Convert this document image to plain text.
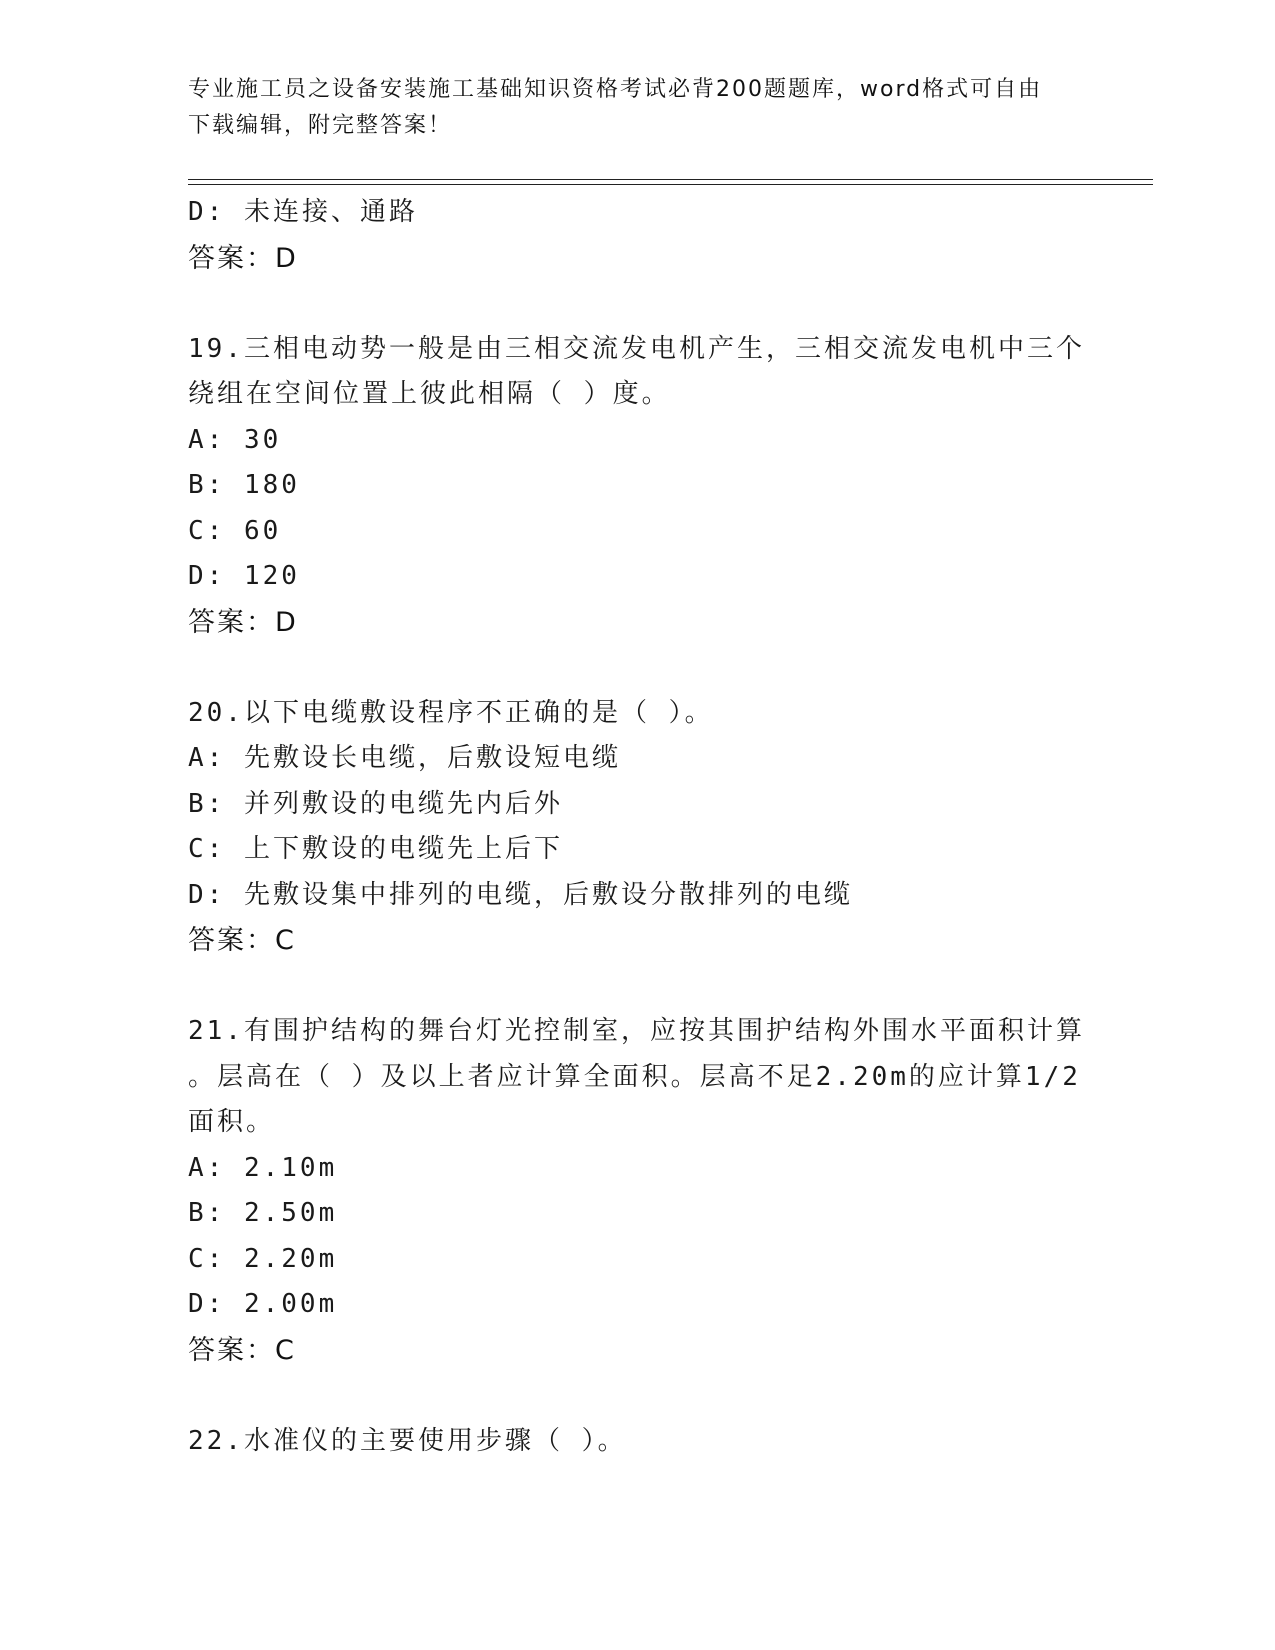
专业施工员之设备安装施工基础知识资格考试必背200题题库，word格式可自由
下载编辑，附完整答案！
D: 未连接、通路
答案：D
19.三相电动势一般是由三相交流发电机产生，三相交流发电机中三个
绕组在空间位置上彼此相隔（ ）度。
A: 30
B: 180
C: 60
D: 120
答案：D
20.以下电缆敷设程序不正确的是（ ）。
A: 先敷设长电缆，后敷设短电缆
B: 并列敷设的电缆先内后外
C: 上下敷设的电缆先上后下
D: 先敷设集中排列的电缆，后敷设分散排列的电缆
答案：C
21.有围护结构的舞台灯光控制室，应按其围护结构外围水平面积计算
。层高在（ ）及以上者应计算全面积。层高不足2.20m的应计算1/2
面积。
A: 2.10m
B: 2.50m
C: 2.20m
D: 2.00m
答案：C
22.水准仪的主要使用步骤（ ）。
